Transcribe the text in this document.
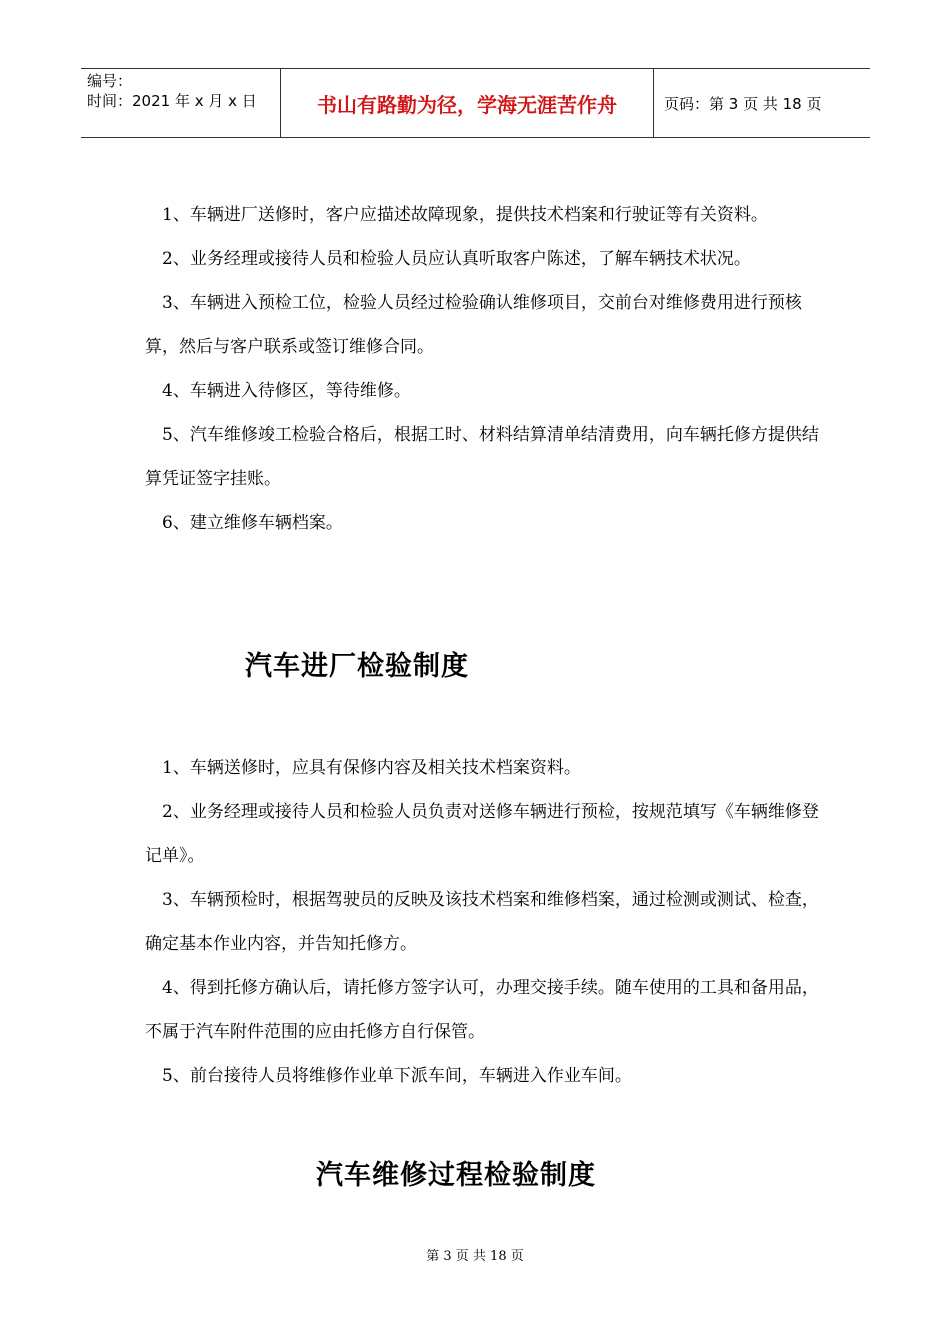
编号：
时间：2021 年 x 月 x 日	书山有路勤为径，学海无涯苦作舟	页码：第 3 页 共 18 页

1、车辆进厂送修时，客户应描述故障现象，提供技术档案和行驶证等有关资料。

2、业务经理或接待人员和检验人员应认真听取客户陈述，了解车辆技术状况。

3、车辆进入预检工位，检验人员经过检验确认维修项目，交前台对维修费用进行预核算，然后与客户联系或签订维修合同。

4、车辆进入待修区，等待维修。

5、汽车维修竣工检验合格后，根据工时、材料结算清单结清费用，向车辆托修方提供结算凭证签字挂账。

6、建立维修车辆档案。

汽车进厂检验制度

1、车辆送修时，应具有保修内容及相关技术档案资料。

2、业务经理或接待人员和检验人员负责对送修车辆进行预检，按规范填写《车辆维修登记单》。

3、车辆预检时，根据驾驶员的反映及该技术档案和维修档案，通过检测或测试、检查，确定基本作业内容，并告知托修方。

4、得到托修方确认后，请托修方签字认可，办理交接手续。随车使用的工具和备用品，不属于汽车附件范围的应由托修方自行保管。

5、前台接待人员将维修作业单下派车间，车辆进入作业车间。

汽车维修过程检验制度
第 3 页 共 18 页
